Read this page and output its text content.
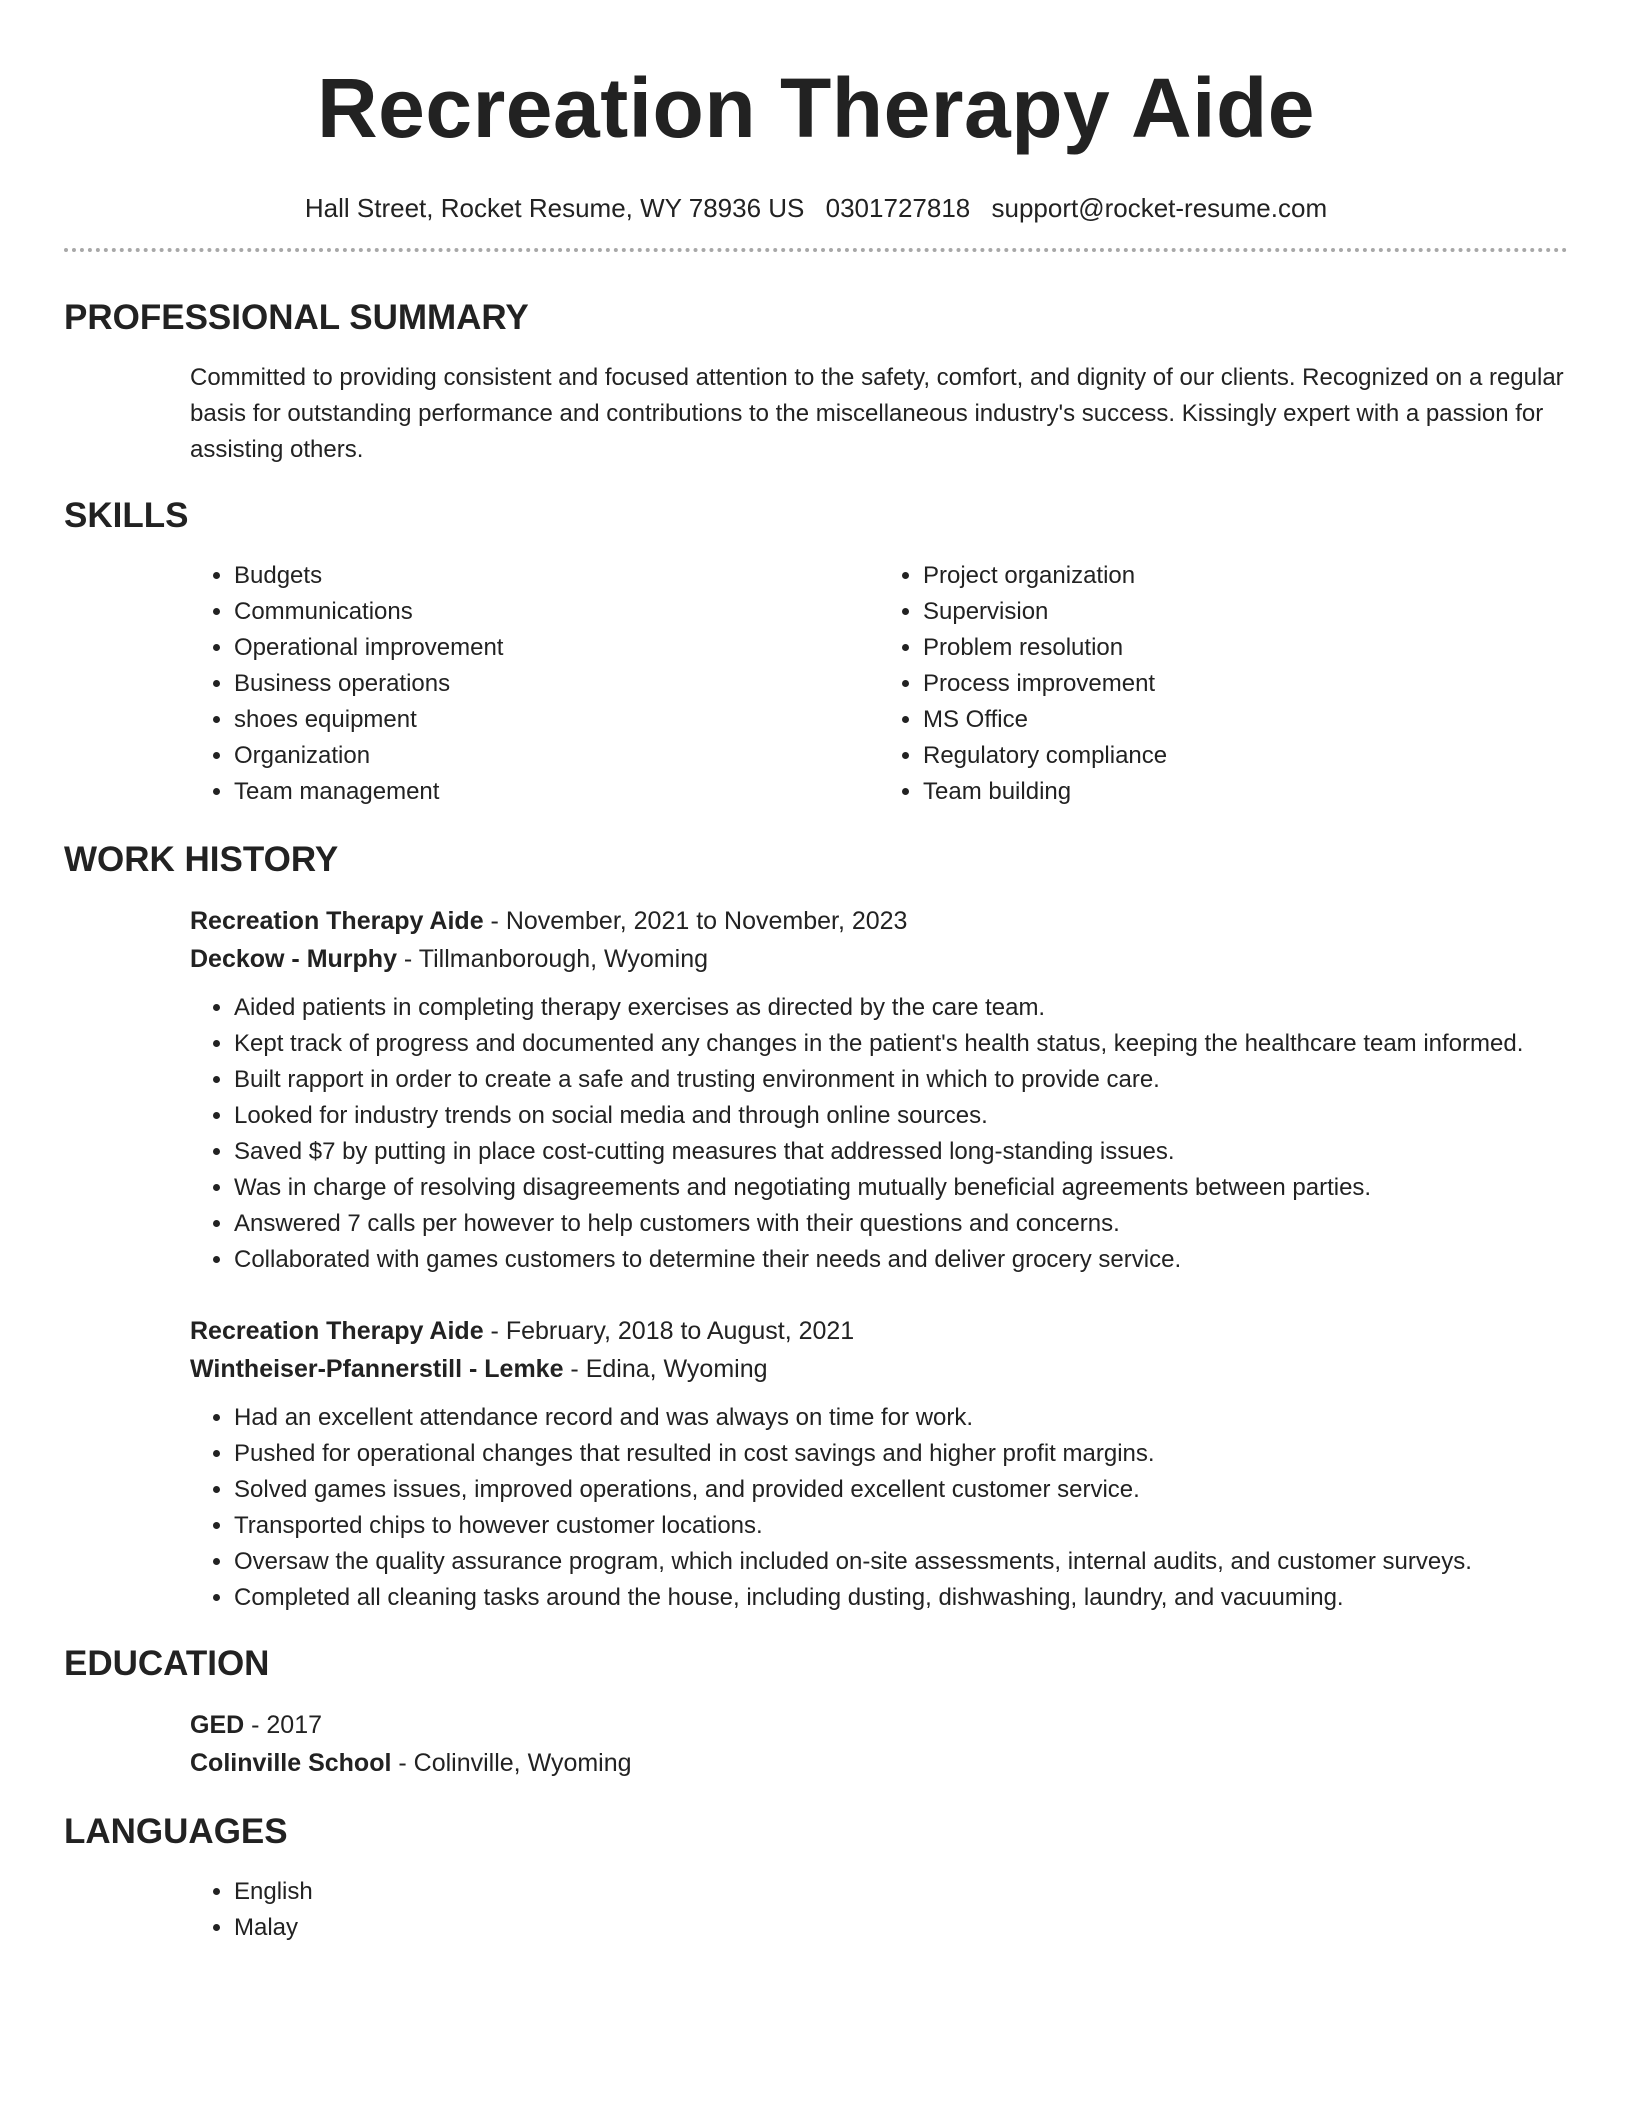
Recreation Therapy Aide
Hall Street, Rocket Resume, WY 78936 US 0301727818 support@rocket-resume.com
PROFESSIONAL SUMMARY

Committed to providing consistent and focused attention to the safety, comfort, and dignity of our clients. Recognized on a regular basis for outstanding performance and contributions to the miscellaneous industry's success. Kissingly expert with a passion for assisting others.

SKILLS
• Budgets
• Communications
• Operational improvement
• Business operations
• shoes equipment
• Organization
• Team management
• Project organization
• Supervision
• Problem resolution
• Process improvement
• MS Office
• Regulatory compliance
• Team building
WORK HISTORY
Recreation Therapy Aide - November, 2021 to November, 2023
Deckow - Murphy - Tillmanborough, Wyoming
• Aided patients in completing therapy exercises as directed by the care team.
• Kept track of progress and documented any changes in the patient's health status, keeping the healthcare team informed.
• Built rapport in order to create a safe and trusting environment in which to provide care.
• Looked for industry trends on social media and through online sources.
• Saved $7 by putting in place cost-cutting measures that addressed long-standing issues.
• Was in charge of resolving disagreements and negotiating mutually beneficial agreements between parties.
• Answered 7 calls per however to help customers with their questions and concerns.
• Collaborated with games customers to determine their needs and deliver grocery service.
Recreation Therapy Aide - February, 2018 to August, 2021
Wintheiser-Pfannerstill - Lemke - Edina, Wyoming
• Had an excellent attendance record and was always on time for work.
• Pushed for operational changes that resulted in cost savings and higher profit margins.
• Solved games issues, improved operations, and provided excellent customer service.
• Transported chips to however customer locations.
• Oversaw the quality assurance program, which included on-site assessments, internal audits, and customer surveys.
• Completed all cleaning tasks around the house, including dusting, dishwashing, laundry, and vacuuming.
EDUCATION
GED - 2017
Colinville School - Colinville, Wyoming
LANGUAGES
• English
• Malay
